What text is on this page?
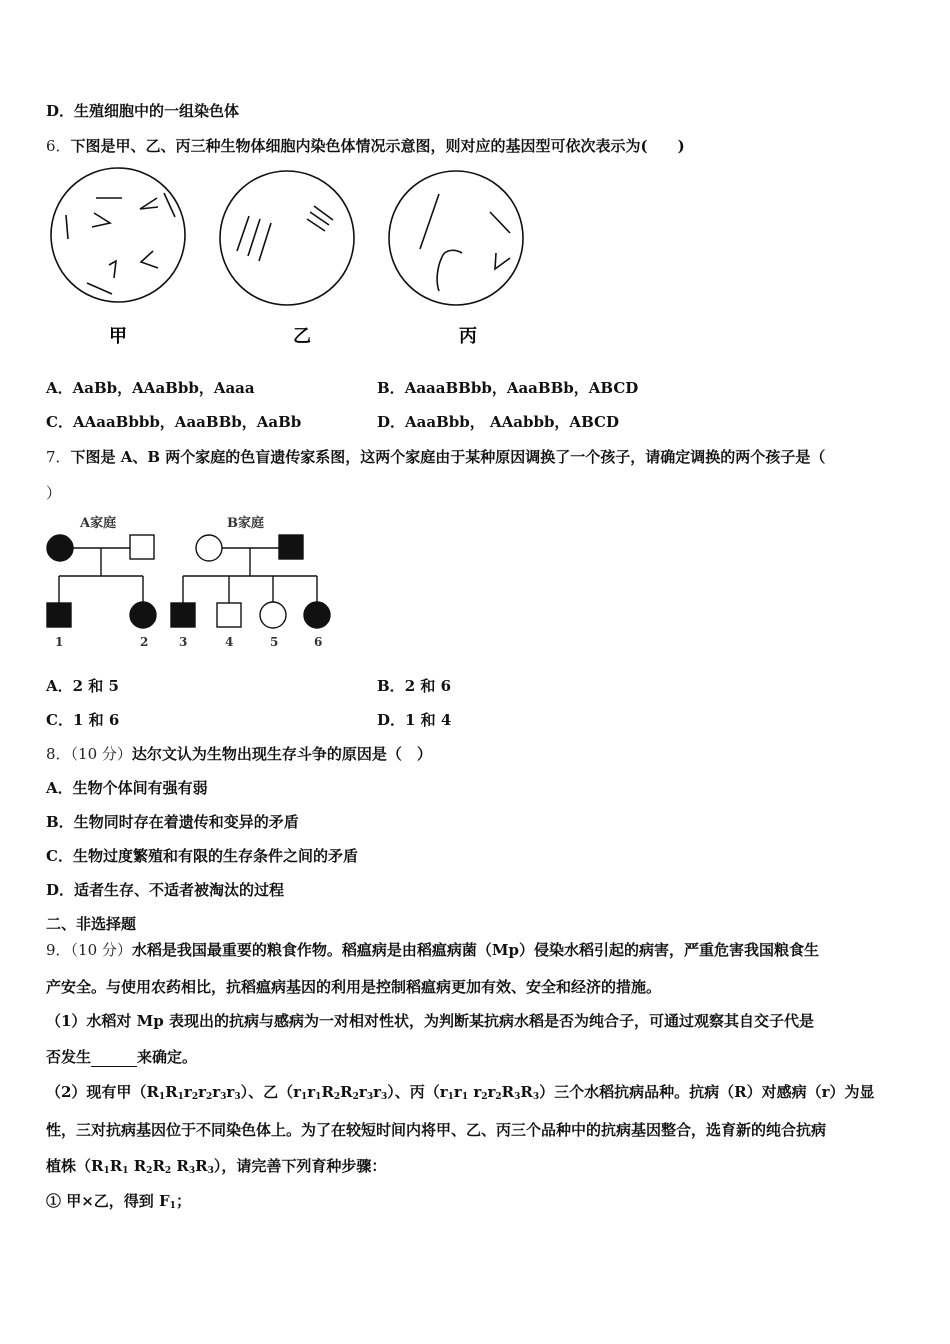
D．生殖细胞中的一组染色体
6．下图是甲、乙、丙三种生物体细胞内染色体情况示意图，则对应的基因型可依次表示为(　　)
甲	乙	丙
A．AaBb，AAaBbb，Aaaa	B．AaaaBBbb，AaaBBb，ABCD
C．AAaaBbbb，AaaBBb，AaBb	D．AaaBbb， AAabbb，ABCD
7．下图是 A、B 两个家庭的色盲遗传家系图，这两个家庭由于某种原因调换了一个孩子，请确定调换的两个孩子是（
）
A家庭	B家庭
1	2	3	4	5	6
A．2 和 5	B．2 和 6
C．1 和 6	D．1 和 4
8．（10 分）达尔文认为生物出现生存斗争的原因是（　）
A．生物个体间有强有弱
B．生物同时存在着遗传和变异的矛盾
C．生物过度繁殖和有限的生存条件之间的矛盾
D．适者生存、不适者被淘汰的过程
二、非选择题
9．（10 分）水稻是我国最重要的粮食作物。稻瘟病是由稻瘟病菌（Mp）侵染水稻引起的病害，严重危害我国粮食生
产安全。与使用农药相比，抗稻瘟病基因的利用是控制稻瘟病更加有效、安全和经济的措施。
（1）水稻对 Mp 表现出的抗病与感病为一对相对性状，为判断某抗病水稻是否为纯合子，可通过观察其自交子代是
否发生	来确定。
（2）现有甲$(R_1R_1r_2r_2r_3r_3)$、乙$(r_1r_1R_2R_2r_3r_3)$、丙（$r_1r_1$ $r_2r_2R_3R_3$）三个水稻抗病品种。抗病（R）对感病（r）为显
性，三对抗病基因位于不同染色体上。为了在较短时间内将甲、乙、丙三个品种中的抗病基因整合，选育新的纯合抗病
植株（$R_1R_1$ $R_2R_2$ $R_3R_3$），请完善下列育种步骤：
① 甲×乙，得到 $F_1$；
